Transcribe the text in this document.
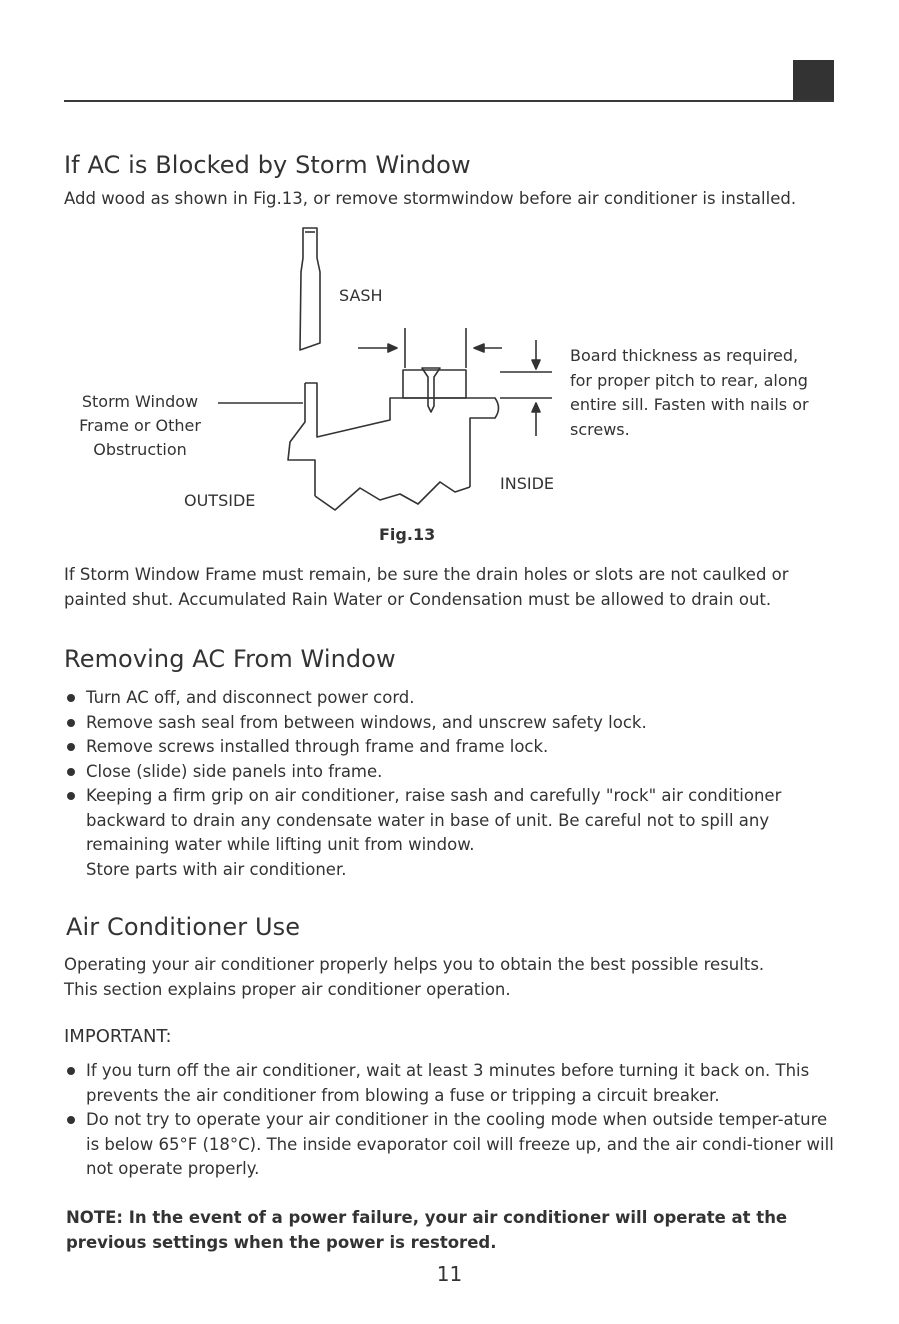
If AC is Blocked by Storm Window
Add wood as shown in Fig.13, or remove stormwindow before air conditioner is installed.
SASH
Board thickness as required,
for proper pitch to rear, along
entire sill. Fasten with nails or
screws.
Storm Window
Frame or Other
Obstruction
OUTSIDE
INSIDE
Fig.13
If Storm Window Frame must remain, be sure the drain holes or slots are not caulked or
painted shut. Accumulated Rain Water or Condensation must be allowed to drain out.
Removing AC From Window
Turn AC off, and disconnect power cord.
Remove sash seal from between windows, and unscrew safety lock.
Remove screws installed through frame and frame lock.
Close (slide) side panels into frame.
Keeping a firm grip on air conditioner, raise sash and carefully "rock" air conditioner backward to drain any condensate water in base of unit. Be careful not to spill any remaining water while lifting unit from window.
Store parts with air conditioner.
Air Conditioner Use
Operating your air conditioner properly helps you to obtain the best possible results.
This section explains proper air conditioner operation.
IMPORTANT:
If you turn off the air conditioner, wait at least 3 minutes before turning it back on. This prevents the air conditioner from blowing a fuse or tripping a circuit breaker.
Do not try to operate your air conditioner in the cooling mode when outside temper-ature is below 65°F (18°C). The inside evaporator coil will freeze up, and the air condi-tioner will not operate properly.
NOTE: In the event of a power failure, your air conditioner will operate at the previous settings when the power is restored.
11
